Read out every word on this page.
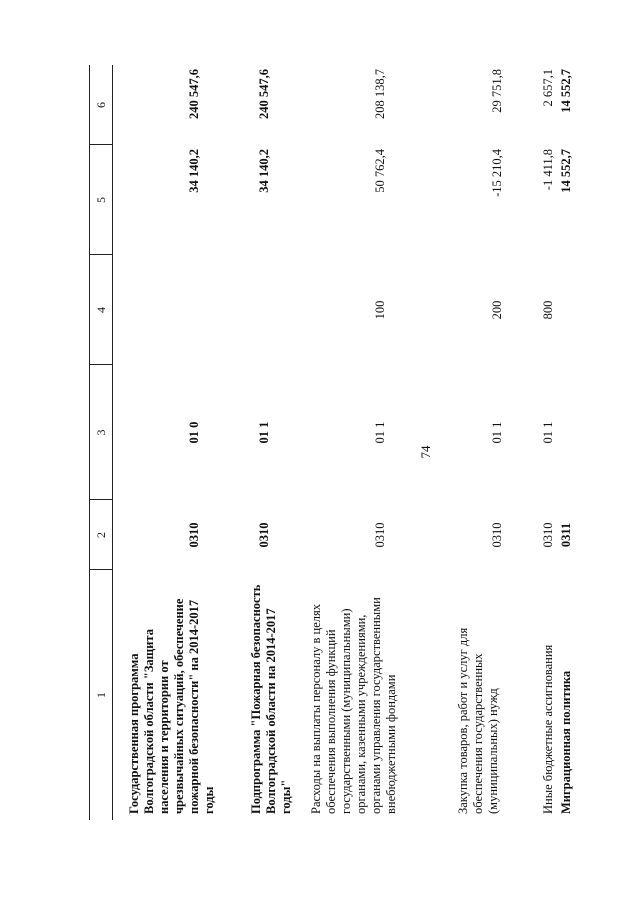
74
1
2
3
4
5
6
Государственная программа Волгоградской области "Защита населения и территории от чрезвычайных ситуаций, обеспечение пожарной безопасности" на 2014-2017 годы
0310
01 0
34 140,2
240 547,6
Подпрограмма "Пожарная безопасность Волгоградской области на 2014-2017 годы"
0310
01 1
34 140,2
240 547,6
Расходы на выплаты персоналу в целях обеспечения выполнения функций государственными (муниципальными) органами, казенными учреждениями, органами управления государственными внебюджетными фондами
0310
01 1
100
50 762,4
208 138,7
Закупка товаров, работ и услуг для обеспечения государственных (муниципальных) нужд
0310
01 1
200
-15 210,4
29 751,8
Иные бюджетные ассигнования
0310
01 1
800
-1 411,8
2 657,1
Миграционная политика
0311
14 552,7
14 552,7
